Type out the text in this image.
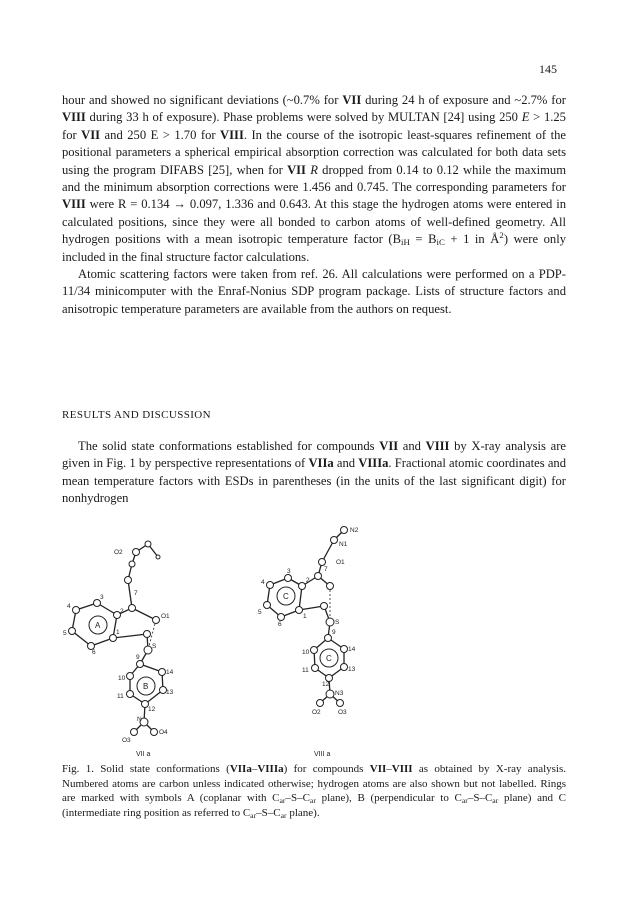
145

hour and showed no significant deviations (~0.7% for VII during 24 h of exposure and ~2.7% for VIII during 33 h of exposure). Phase problems were solved by MULTAN [24] using 250 E > 1.25 for VII and 250 E > 1.70 for VIII. In the course of the isotropic least-squares refinement of the positional parameters a spherical empirical absorption correction was calculated for both data sets using the program DIFABS [25], when for VII R dropped from 0.14 to 0.12 while the maximum and the minimum absorption corrections were 1.456 and 0.745. The corresponding parameters for VIII were R = 0.134 → 0.097, 1.336 and 0.643. At this stage the hydrogen atoms were entered in calculated positions, since they were all bonded to carbon atoms of well-defined geometry. All hydrogen positions with a mean isotropic temperature factor ($B_{iH} = B_{iC} + 1$ in $Å^2$) were only included in the final structure factor calculations.

Atomic scattering factors were taken from ref. 26. All calculations were performed on a PDP-11/34 minicomputer with the Enraf-Nonius SDP program package. Lists of structure factors and anisotropic temperature parameters are available from the authors on request.

RESULTS AND DISCUSSION

The solid state conformations established for compounds VII and VIII by X-ray analysis are given in Fig. 1 by perspective representations of VIIa and VIIIa. Fractional atomic coordinates and mean temperature factors with ESDs in parentheses (in the units of the last significant digit) for nonhydrogen

O2
7
O1
3
2
4
1
5
6
S
9
10
14
11
13
12
N
O3
O4
A
B
VII a
N2
N1
7
O1
3
2
4
1
5
6	S
9
10	14
11	13
12
N3
O2	O3
C
C
VIII a

Fig. 1. Solid state conformations (VIIa–VIIIa) for compounds VII–VIII as obtained by X-ray analysis. Numbered atoms are carbon unless indicated otherwise; hydrogen atoms are also shown but not labelled. Rings are marked with symbols A (coplanar with $C_{ar}-S-C_{ar}$ plane), B (perpendicular to $C_{ar}-S-C_{ar}$ plane) and C (intermediate ring position as referred to $C_{ar}-S-C_{ar}$ plane).
